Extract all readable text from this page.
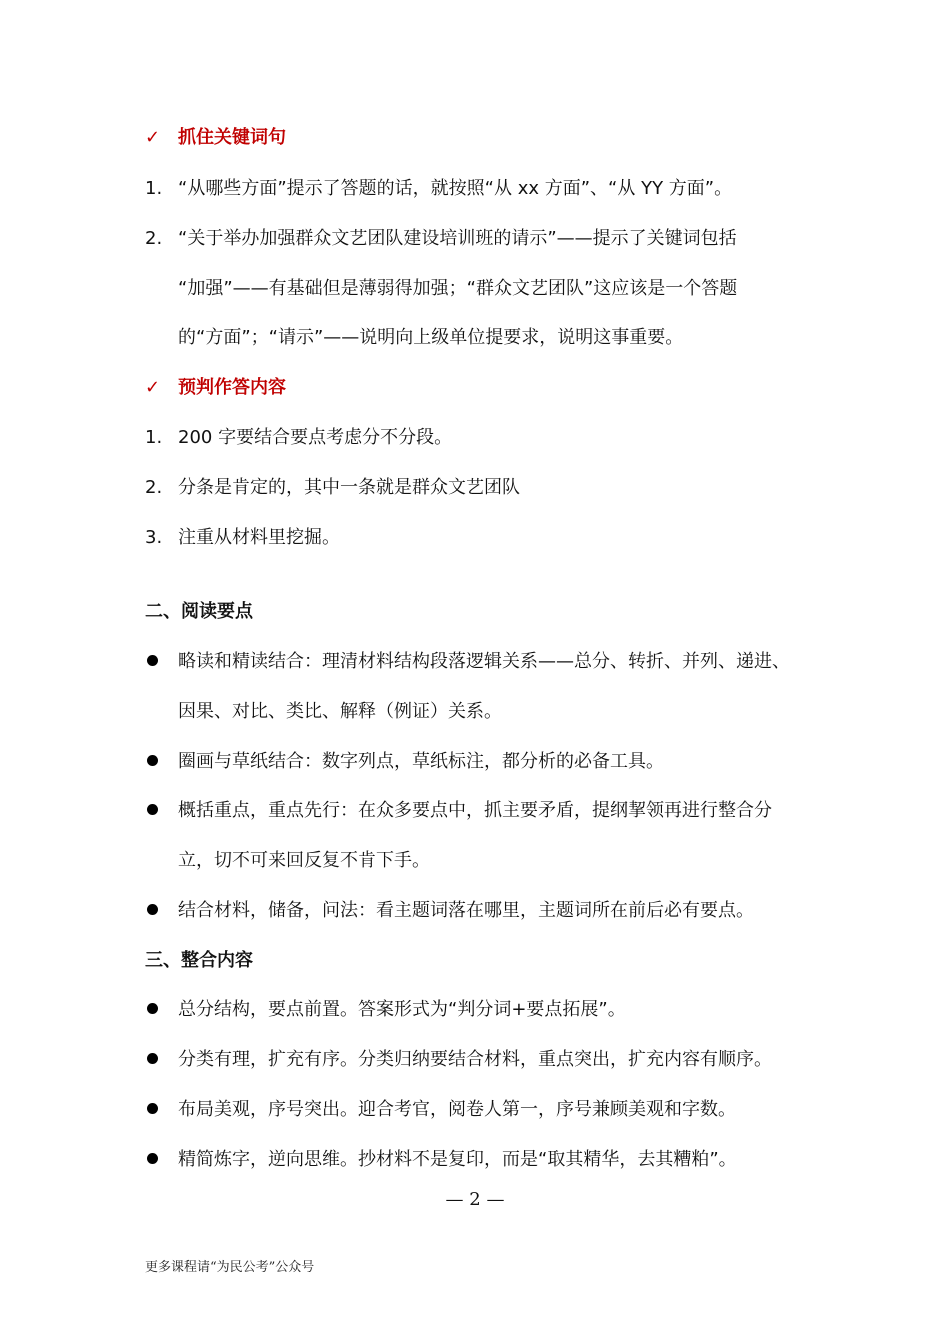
✓ 抓住关键词句
1. “从哪些方面”提示了答题的话，就按照“从 xx 方面”、“从 YY 方面”。
2. “关于举办加强群众文艺团队建设培训班的请示”——提示了关键词包括
“加强”——有基础但是薄弱得加强；“群众文艺团队”这应该是一个答题
的“方面”；“请示”——说明向上级单位提要求，说明这事重要。
✓ 预判作答内容
1. 200 字要结合要点考虑分不分段。
2. 分条是肯定的，其中一条就是群众文艺团队
3. 注重从材料里挖掘。
二、阅读要点
略读和精读结合：理清材料结构段落逻辑关系——总分、转折、并列、递进、
因果、对比、类比、解释（例证）关系。
圈画与草纸结合：数字列点，草纸标注，都分析的必备工具。
概括重点，重点先行：在众多要点中，抓主要矛盾，提纲挈领再进行整合分
立，切不可来回反复不肯下手。
结合材料，储备，问法：看主题词落在哪里，主题词所在前后必有要点。
三、整合内容
总分结构，要点前置。答案形式为“判分词+要点拓展”。
分类有理，扩充有序。分类归纳要结合材料，重点突出，扩充内容有顺序。
布局美观，序号突出。迎合考官，阅卷人第一，序号兼顾美观和字数。
精简炼字，逆向思维。抄材料不是复印，而是“取其精华，去其糟粕”。
— 2 —
更多课程请“为民公考”公众号
